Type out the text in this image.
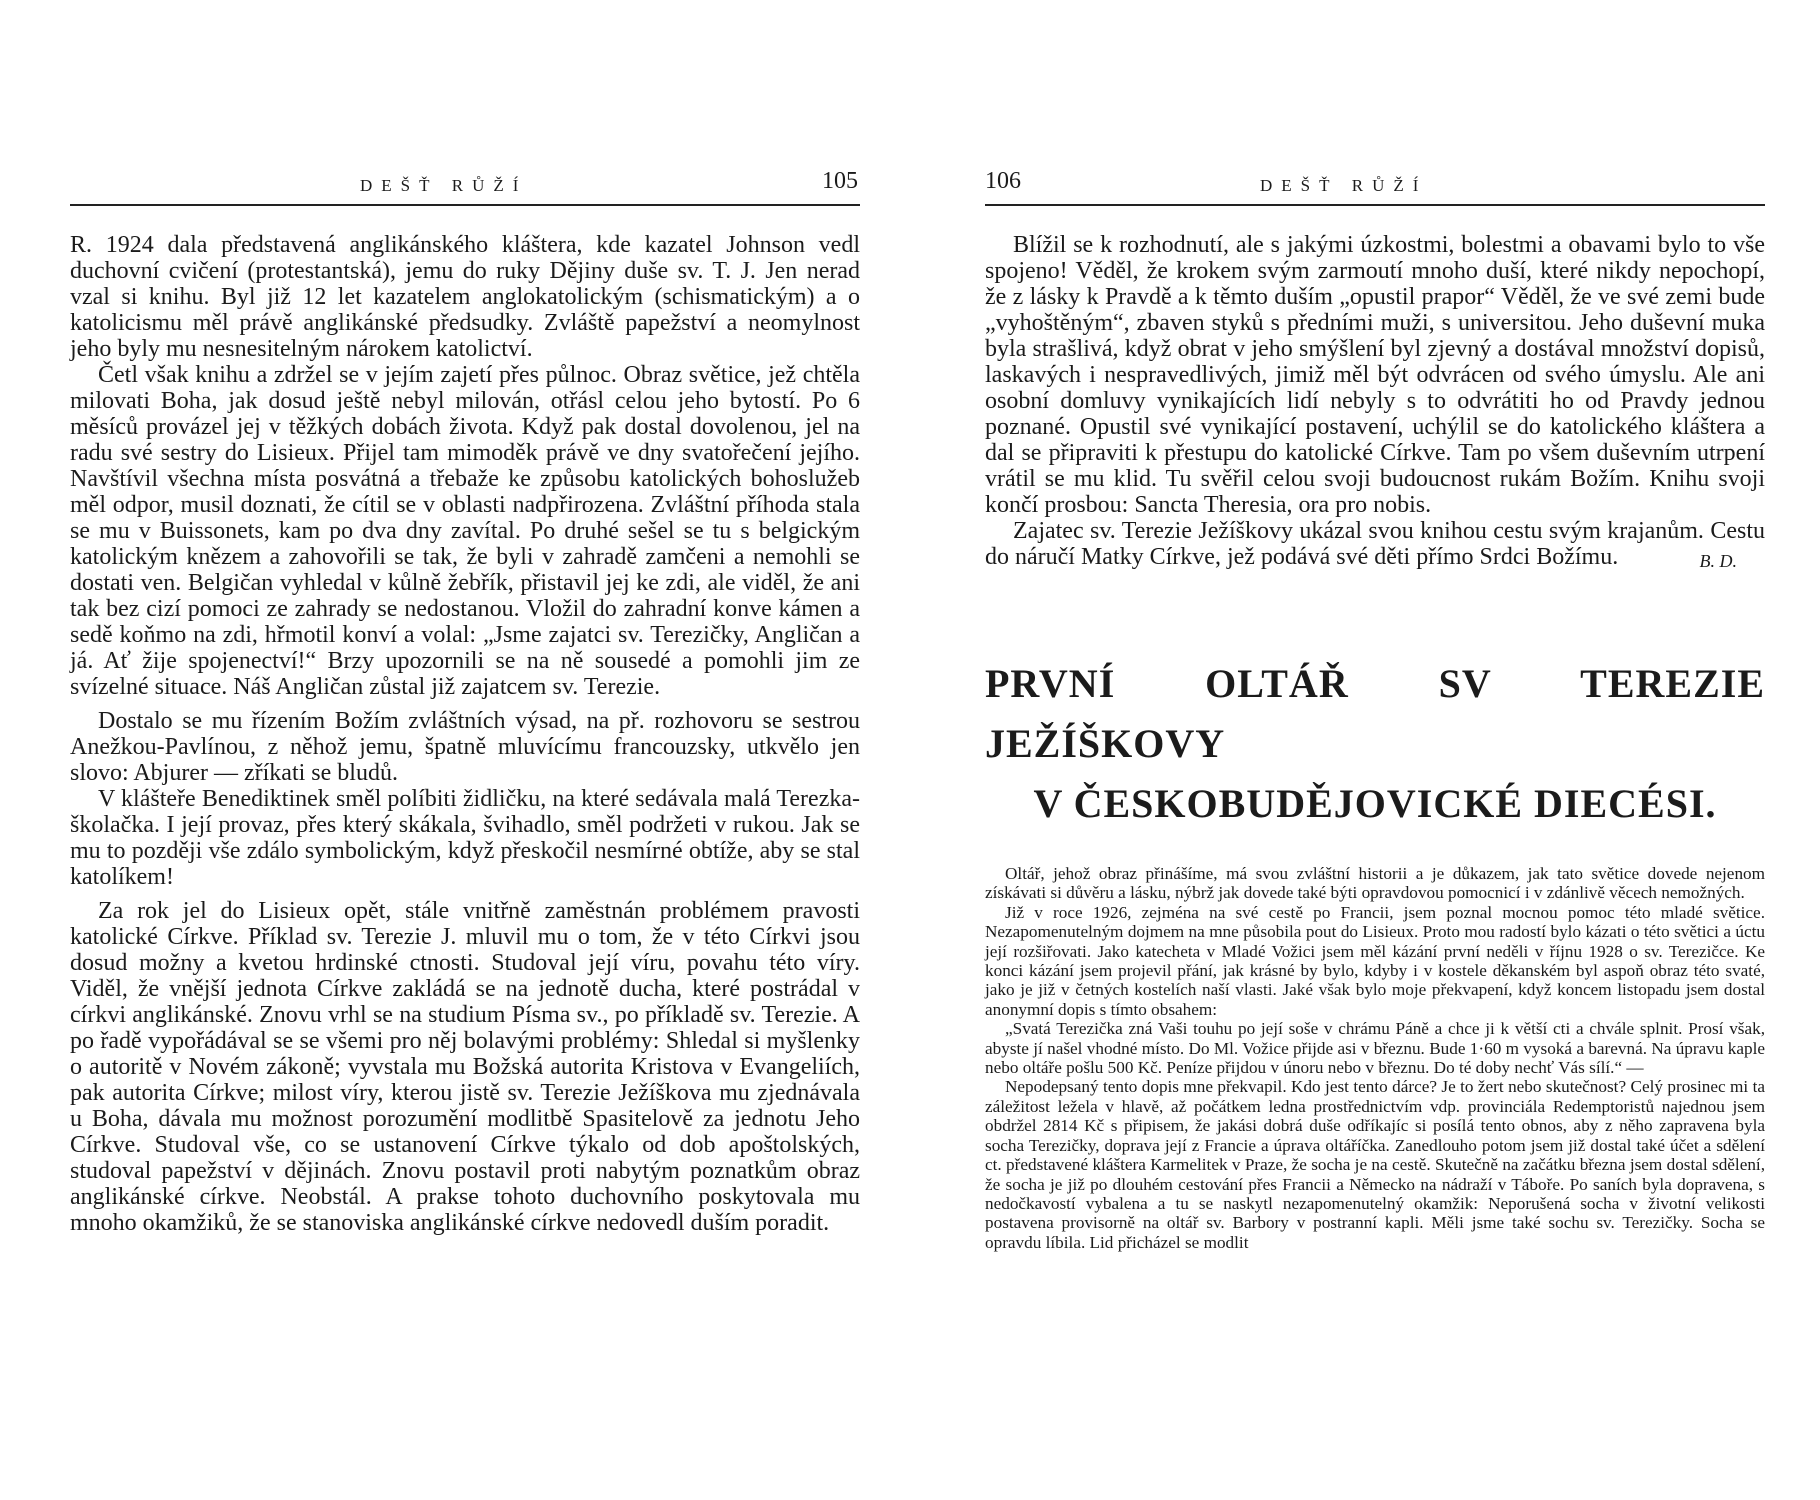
DEŠŤ RŮŽÍ	105

R. 1924 dala představená anglikánského kláštera, kde kazatel Johnson vedl duchovní cvičení (protestantská), jemu do ruky Dějiny duše sv. T. J. Jen nerad vzal si knihu. Byl již 12 let kazatelem anglokatolickým (schismatickým) a o katolicismu měl právě anglikánské předsudky. Zvláště papežství a neomylnost jeho byly mu nesnesitelným nárokem katolictví.

Četl však knihu a zdržel se v jejím zajetí přes půlnoc. Obraz světice, jež chtěla milovati Boha, jak dosud ještě nebyl milován, otřásl celou jeho bytostí. Po 6 měsíců provázel jej v těžkých dobách života. Když pak dostal dovolenou, jel na radu své sestry do Lisieux. Přijel tam mimoděk právě ve dny svatořečení jejího. Navštívil všechna místa posvátná a třebaže ke způsobu katolických bohoslužeb měl odpor, musil doznati, že cítil se v oblasti nadpřirozena. Zvláštní příhoda stala se mu v Buissonets, kam po dva dny zavítal. Po druhé sešel se tu s belgickým katolickým knězem a zahovořili se tak, že byli v zahradě zamčeni a nemohli se dostati ven. Belgičan vyhledal v kůlně žebřík, přistavil jej ke zdi, ale viděl, že ani tak bez cizí pomoci ze zahrady se nedostanou. Vložil do zahradní konve kámen a sedě koňmo na zdi, hřmotil konví a volal: „Jsme zajatci sv. Terezičky, Angličan a já. Ať žije spojenectví!“ Brzy upozornili se na ně sousedé a pomohli jim ze svízelné situace. Náš Angličan zůstal již zajatcem sv. Terezie.

Dostalo se mu řízením Božím zvláštních výsad, na př. rozhovoru se sestrou Anežkou-Pavlínou, z něhož jemu, špatně mluvícímu francouzsky, utkvělo jen slovo: Abjurer — zříkati se bludů.

V klášteře Benediktinek směl políbiti židličku, na které sedávala malá Terezka-školačka. I její provaz, přes který skákala, švihadlo, směl podržeti v rukou. Jak se mu to později vše zdálo symbolickým, když přeskočil nesmírné obtíže, aby se stal katolíkem!

Za rok jel do Lisieux opět, stále vnitřně zaměstnán problémem pravosti katolické Církve. Příklad sv. Terezie J. mluvil mu o tom, že v této Církvi jsou dosud možny a kvetou hrdinské ctnosti. Studoval její víru, povahu této víry. Viděl, že vnější jednota Církve zakládá se na jednotě ducha, které postrádal v církvi anglikánské. Znovu vrhl se na studium Písma sv., po příkladě sv. Terezie. A po řadě vypořádával se se všemi pro něj bolavými problémy: Shledal si myšlenky o autoritě v Novém zákoně; vyvstala mu Božská autorita Kristova v Evangeliích, pak autorita Církve; milost víry, kterou jistě sv. Terezie Ježíškova mu zjednávala u Boha, dávala mu možnost porozumění modlitbě Spasitelově za jednotu Jeho Církve. Studoval vše, co se ustanovení Církve týkalo od dob apoštolských, studoval papežství v dějinách. Znovu postavil proti nabytým poznatkům obraz anglikánské církve. Neobstál. A prakse tohoto duchovního poskytovala mu mnoho okamžiků, že se stanoviska anglikánské církve nedovedl duším poradit.

106	DEŠŤ RŮŽÍ

Blížil se k rozhodnutí, ale s jakými úzkostmi, bolestmi a obavami bylo to vše spojeno! Věděl, že krokem svým zarmoutí mnoho duší, které nikdy nepochopí, že z lásky k Pravdě a k těmto duším „opustil prapor“ Věděl, že ve své zemi bude „vyhoštěným“, zbaven styků s předními muži, s universitou. Jeho duševní muka byla strašlivá, když obrat v jeho smýšlení byl zjevný a dostával množství dopisů, laskavých i nespravedlivých, jimiž měl být odvrácen od svého úmyslu. Ale ani osobní domluvy vynikajících lidí nebyly s to odvrátiti ho od Pravdy jednou poznané. Opustil své vynikající postavení, uchýlil se do katolického kláštera a dal se připraviti k přestupu do katolické Církve. Tam po všem duševním utrpení vrátil se mu klid. Tu svěřil celou svoji budoucnost rukám Božím. Knihu svoji končí prosbou: Sancta Theresia, ora pro nobis.

Zajatec sv. Terezie Ježíškovy ukázal svou knihou cestu svým krajanům. Cestu do náručí Matky Církve, jež podává své děti přímo Srdci Božímu.	B. D.
PRVNÍ OLTÁŘ SV TEREZIE JEŽÍŠKOVY
V ČESKOBUDĚJOVICKÉ DIECÉSI.

Oltář, jehož obraz přinášíme, má svou zvláštní historii a je důkazem, jak tato světice dovede nejenom získávati si důvěru a lásku, nýbrž jak dovede také býti opravdovou pomocnicí i v zdánlivě věcech nemožných.

Již v roce 1926, zejména na své cestě po Francii, jsem poznal mocnou pomoc této mladé světice. Nezapomenutelným dojmem na mne působila pout do Lisieux. Proto mou radostí bylo kázati o této světici a úctu její rozšiřovati. Jako katecheta v Mladé Vožici jsem měl kázání první neděli v říjnu 1928 o sv. Terezičce. Ke konci kázání jsem projevil přání, jak krásné by bylo, kdyby i v kostele děkanském byl aspoň obraz této svaté, jako je již v četných kostelích naší vlasti. Jaké však bylo moje překvapení, když koncem listopadu jsem dostal anonymní dopis s tímto obsahem:

„Svatá Terezička zná Vaši touhu po její soše v chrámu Páně a chce ji k větší cti a chvále splnit. Prosí však, abyste jí našel vhodné místo. Do Ml. Vožice přijde asi v březnu. Bude 1·60 m vysoká a barevná. Na úpravu kaple nebo oltáře pošlu 500 Kč. Peníze přijdou v únoru nebo v březnu. Do té doby nechť Vás sílí.“ —

Nepodepsaný tento dopis mne překvapil. Kdo jest tento dárce? Je to žert nebo skutečnost? Celý prosinec mi ta záležitost ležela v hlavě, až počátkem ledna prostřednictvím vdp. provinciála Redemptoristů najednou jsem obdržel 2814 Kč s připisem, že jakási dobrá duše odříkajíc si posílá tento obnos, aby z něho zapravena byla socha Terezičky, doprava její z Francie a úprava oltáříčka. Zanedlouho potom jsem již dostal také účet a sdělení ct. představené kláštera Karmelitek v Praze, že socha je na cestě. Skutečně na začátku března jsem dostal sdělení, že socha je již po dlouhém cestování přes Francii a Německo na nádraží v Táboře. Po saních byla dopravena, s nedočkavostí vybalena a tu se naskytl nezapomenutelný okamžik: Neporušená socha v životní velikosti postavena provisorně na oltář sv. Barbory v postranní kapli. Měli jsme také sochu sv. Terezičky. Socha se opravdu líbila. Lid přicházel se modlit
